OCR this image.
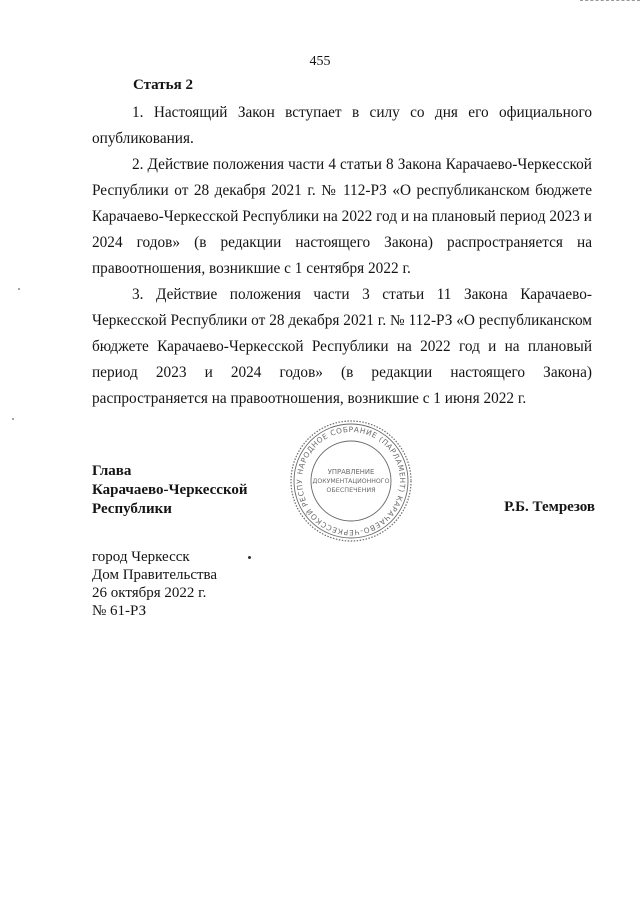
455
Статья 2

1. Настоящий Закон вступает в силу со дня его официального опубликования.

2. Действие положения части 4 статьи 8 Закона Карачаево-Черкесской Республики от 28 декабря 2021 г. № 112-РЗ «О республиканском бюджете Карачаево-Черкесской Республики на 2022 год и на плановый период 2023 и 2024 годов» (в редакции настоящего Закона) распространяется на правоотношения, возникшие с 1 сентября 2022 г.

3. Действие положения части 3 статьи 11 Закона Карачаево-Черкесской Республики от 28 декабря 2021 г. № 112-РЗ «О республиканском бюджете Карачаево-Черкесской Республики на 2022 год и на плановый период 2023 и 2024 годов» (в редакции настоящего Закона) распространяется на правоотношения, возникшие с 1 июня 2022 г.

Глава
Карачаево-Черкесской
Республики
НАРОДНОЕ СОБРАНИЕ (ПАРЛАМЕНТ) КАРАЧАЕВО-ЧЕРКЕССКОЙ РЕСПУ
УПРАВЛЕНИЕ
ДОКУМЕНТАЦИОННОГО
ОБЕСПЕЧЕНИЯ
Р.Б. Темрезов
город Черкесск
Дом Правительства
26 октября 2022 г.
№ 61-РЗ
